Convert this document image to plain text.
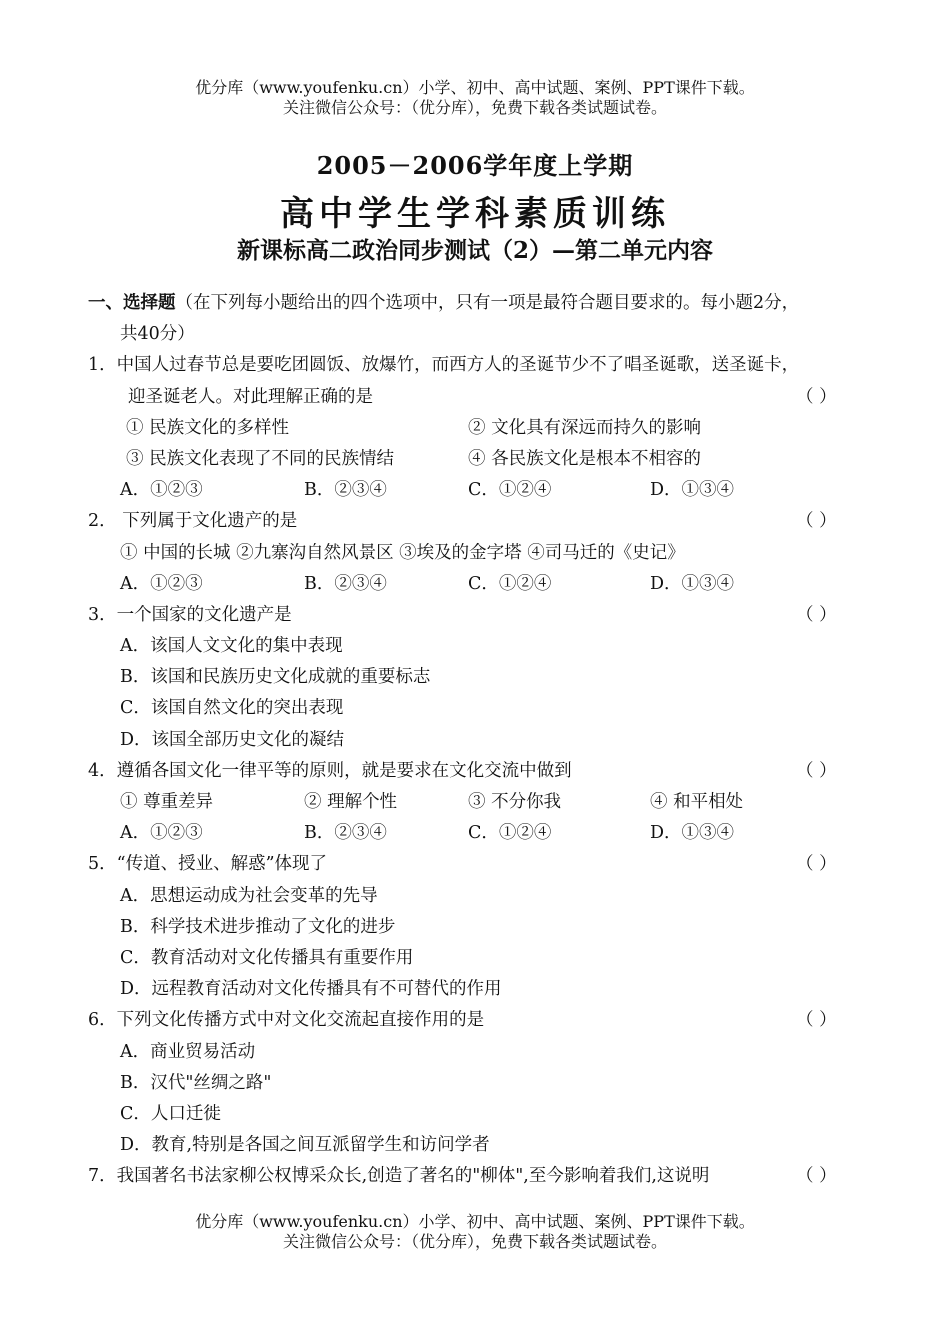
优分库（www.youfenku.cn）小学、初中、高中试题、案例、PPT课件下载。
关注微信公众号：（优分库），免费下载各类试题试卷。
2005－2006学年度上学期
高中学生学科素质训练
新课标高二政治同步测试（2）—第二单元内容
一、选择题（在下列每小题给出的四个选项中，只有一项是最符合题目要求的。每小题2分，
共40分）
1．中国人过春节总是要吃团圆饭、放爆竹，而西方人的圣诞节少不了唱圣诞歌，送圣诞卡，
迎圣诞老人。对此理解正确的是	（ ）
① 民族文化的多样性	② 文化具有深远而持久的影响
③ 民族文化表现了不同的民族情结	④ 各民族文化是根本不相容的
A．①②③	B．②③④	C．①②④	D．①③④
2． 下列属于文化遗产的是	（ ）
① 中国的长城 ②九寨沟自然风景区 ③埃及的金字塔 ④司马迁的《史记》
A．①②③	B．②③④	C．①②④	D．①③④
3．一个国家的文化遗产是	（ ）
A．该国人文文化的集中表现
B．该国和民族历史文化成就的重要标志
C．该国自然文化的突出表现
D．该国全部历史文化的凝结
4．遵循各国文化一律平等的原则，就是要求在文化交流中做到	（ ）
① 尊重差异	② 理解个性	③ 不分你我	④ 和平相处
A．①②③	B．②③④	C．①②④	D．①③④
5．“传道、授业、解惑”体现了	（ ）
A．思想运动成为社会变革的先导
B．科学技术进步推动了文化的进步
C．教育活动对文化传播具有重要作用
D．远程教育活动对文化传播具有不可替代的作用
6．下列文化传播方式中对文化交流起直接作用的是	（ ）
A．商业贸易活动
B．汉代"丝绸之路"
C．人口迁徙
D．教育,特别是各国之间互派留学生和访问学者
7．我国著名书法家柳公权博采众长,创造了著名的"柳体",至今影响着我们,这说明	（ ）
优分库（www.youfenku.cn）小学、初中、高中试题、案例、PPT课件下载。
关注微信公众号：（优分库），免费下载各类试题试卷。
